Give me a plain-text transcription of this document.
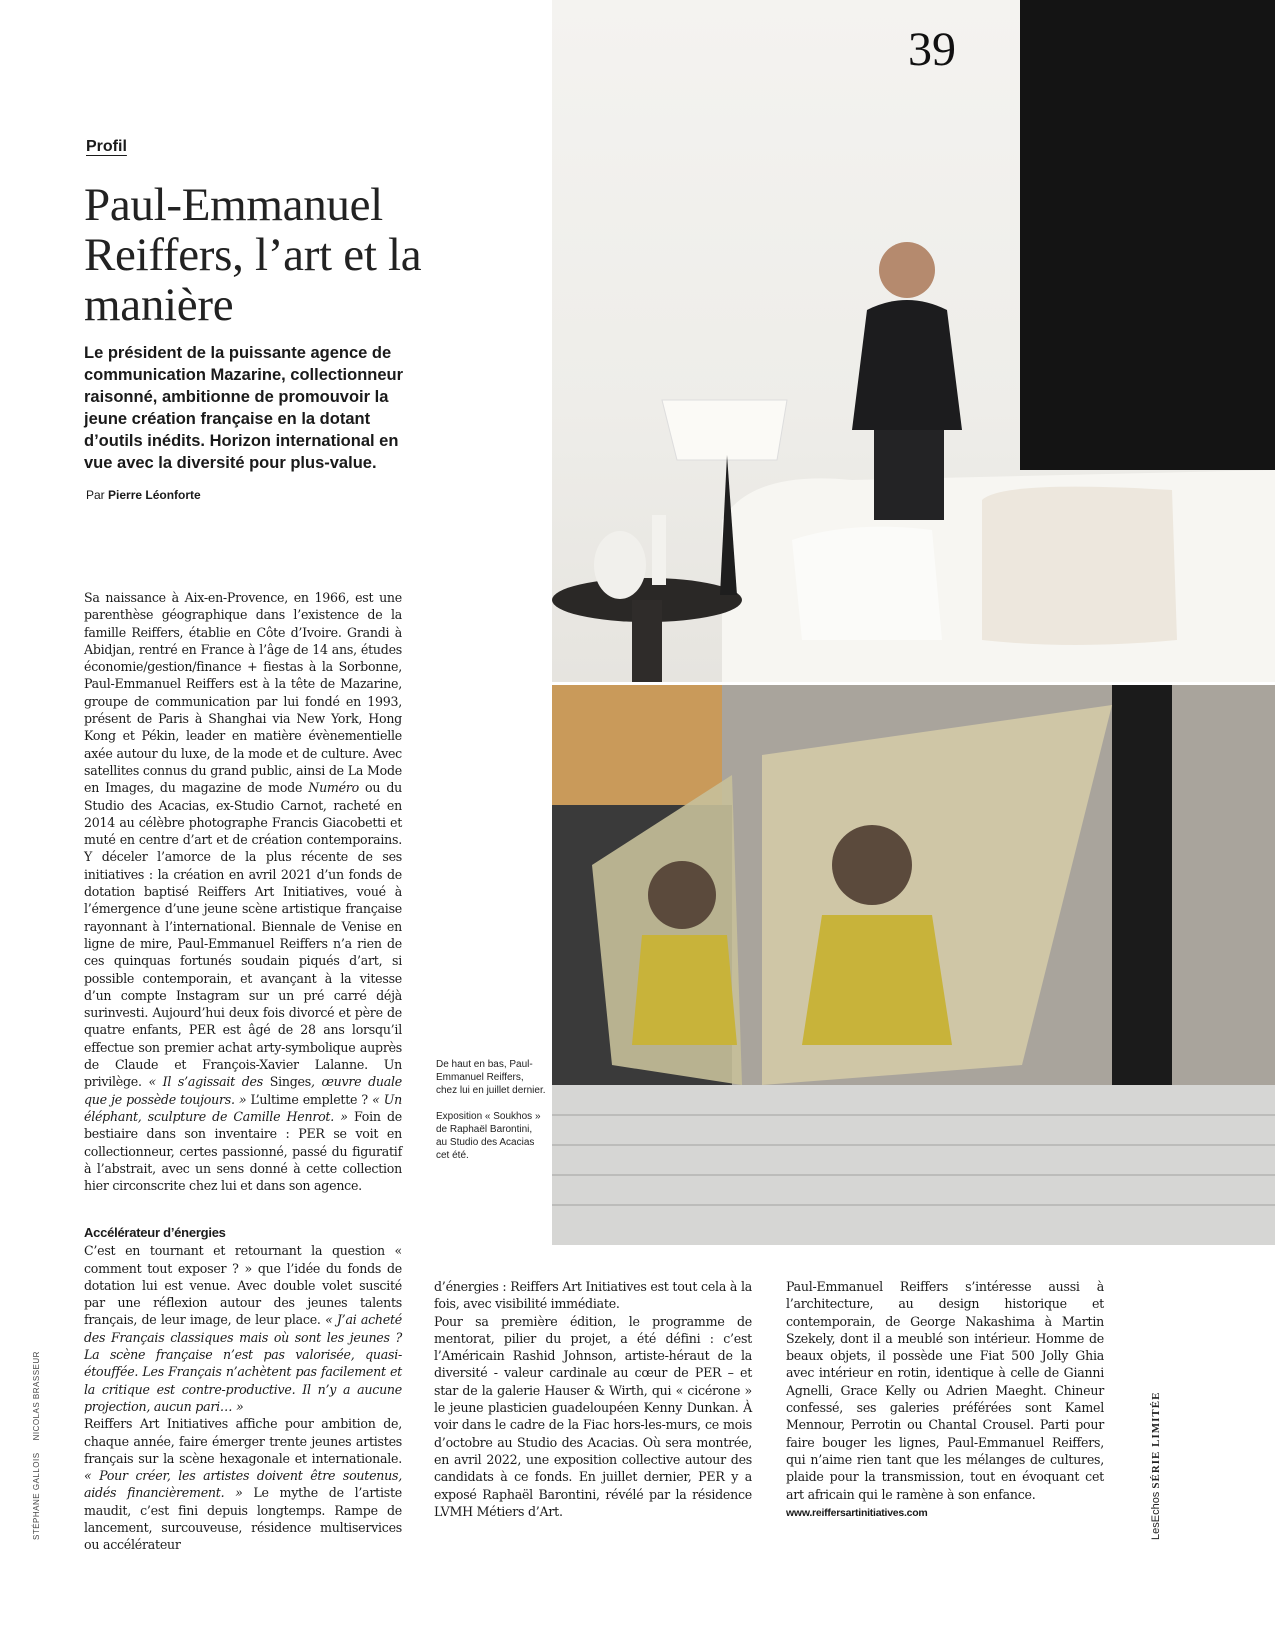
39
Profil
Paul-Emmanuel Reiffers, l’art et la manière
Le président de la puissante agence de communication Mazarine, collectionneur raisonné, ambitionne de promouvoir la jeune création française en la dotant d’outils inédits. Horizon international en vue avec la diversité pour plus-value.
Par Pierre Léonforte

Sa naissance à Aix-en-Provence, en 1966, est une parenthèse géographique dans l’existence de la famille Reiffers, établie en Côte d’Ivoire. Grandi à Abidjan, rentré en France à l’âge de 14 ans, études économie/gestion/finance + fiestas à la Sorbonne, Paul-Emmanuel Reiffers est à la tête de Mazarine, groupe de communication par lui fondé en 1993, présent de Paris à Shanghai via New York, Hong Kong et Pékin, leader en matière évènementielle axée autour du luxe, de la mode et de culture. Avec satellites connus du grand public, ainsi de La Mode en Images, du magazine de mode Numéro ou du Studio des Acacias, ex-Studio Carnot, racheté en 2014 au célèbre photographe Francis Giacobetti et muté en centre d’art et de création contemporains. Y déceler l’amorce de la plus récente de ses initiatives : la création en avril 2021 d’un fonds de dotation baptisé Reiffers Art Initiatives, voué à l’émergence d’une jeune scène artistique française rayonnant à l’international. Biennale de Venise en ligne de mire, Paul-Emmanuel Reiffers n’a rien de ces quinquas fortunés soudain piqués d’art, si possible contemporain, et avançant à la vitesse d’un compte Instagram sur un pré carré déjà surinvesti. Aujourd’hui deux fois divorcé et père de quatre enfants, PER est âgé de 28 ans lorsqu’il effectue son premier achat arty-symbolique auprès de Claude et François-Xavier Lalanne. Un privilège. « Il s’agissait des Singes, œuvre duale que je possède toujours. » L’ultime emplette ? « Un éléphant, sculpture de Camille Henrot. » Foin de bestiaire dans son inventaire : PER se voit en collectionneur, certes passionné, passé du figuratif à l’abstrait, avec un sens donné à cette collection hier circonscrite chez lui et dans son agence.

Accélérateur d’énergies

C’est en tournant et retournant la question « comment tout exposer ? » que l’idée du fonds de dotation lui est venue. Avec double volet suscité par une réflexion autour des jeunes talents français, de leur image, de leur place. « J’ai acheté des Français classiques mais où sont les jeunes ? La scène française n’est pas valorisée, quasi-étouffée. Les Français n’achètent pas facilement et la critique est contre-productive. Il n’y a aucune projection, aucun pari… »

Reiffers Art Initiatives affiche pour ambition de, chaque année, faire émerger trente jeunes artistes français sur la scène hexagonale et internationale. « Pour créer, les artistes doivent être soutenus, aidés financièrement. » Le mythe de l’artiste maudit, c’est fini depuis longtemps. Rampe de lancement, surcouveuse, résidence multiservices ou accélérateur

d’énergies : Reiffers Art Initiatives est tout cela à la fois, avec visibilité immédiate.

Pour sa première édition, le programme de mentorat, pilier du projet, a été défini : c’est l’Américain Rashid Johnson, artiste-héraut de la diversité - valeur cardinale au cœur de PER – et star de la galerie Hauser & Wirth, qui « cicérone » le jeune plasticien guadeloupéen Kenny Dunkan. À voir dans le cadre de la Fiac hors-les-murs, ce mois d’octobre au Studio des Acacias. Où sera montrée, en avril 2022, une exposition collective autour des candidats à ce fonds. En juillet dernier, PER y a exposé Raphaël Barontini, révélé par la résidence LVMH Métiers d’Art.

Paul-Emmanuel Reiffers s’intéresse aussi à l’architecture, au design historique et contemporain, de George Nakashima à Martin Szekely, dont il a meublé son intérieur. Homme de beaux objets, il possède une Fiat 500 Jolly Ghia avec intérieur en rotin, identique à celle de Gianni Agnelli, Grace Kelly ou Adrien Maeght. Chineur confessé, ses galeries préférées sont Kamel Mennour, Perrotin ou Chantal Crousel. Parti pour faire bouger les lignes, Paul-Emmanuel Reiffers, qui n’aime rien tant que les mélanges de cultures, plaide pour la transmission, tout en évoquant cet art africain qui le ramène à son enfance.

www.reiffersartinitiatives.com

De haut en bas, Paul-Emmanuel Reiffers, chez lui en juillet dernier.

Exposition « Soukhos » de Raphaël Barontini, au Studio des Acacias cet été.

STÉPHANE GALLOISNICOLAS BRASSEUR
LesEchos SÉRIE LIMITÉE
